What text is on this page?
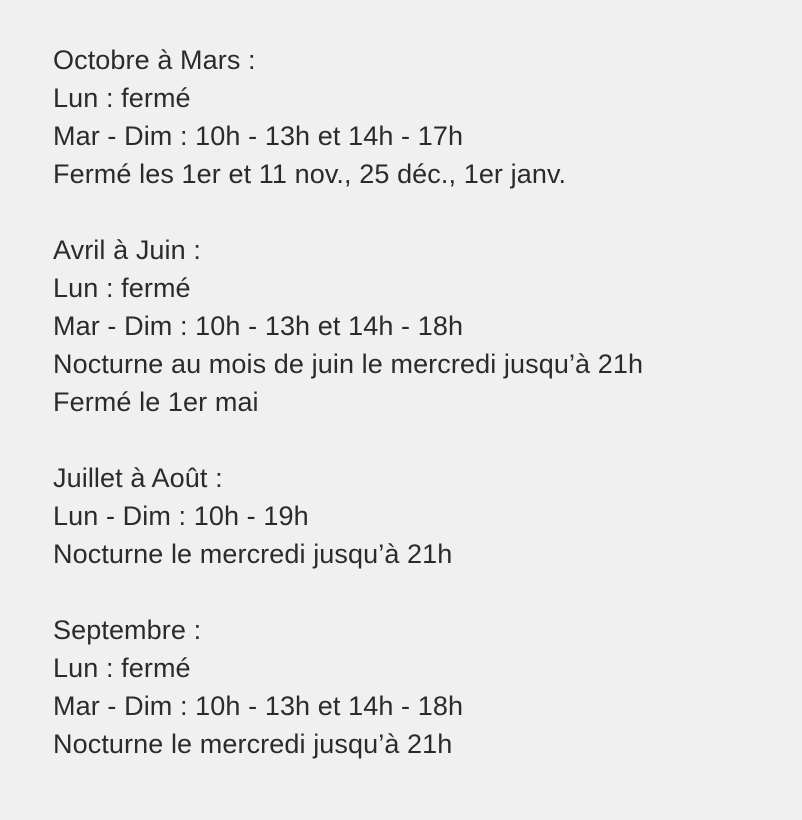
Octobre à Mars :
Lun : fermé
Mar - Dim : 10h - 13h et 14h - 17h
Fermé les 1er et 11 nov., 25 déc., 1er janv.
Avril à Juin :
Lun : fermé
Mar - Dim : 10h - 13h et 14h - 18h
Nocturne au mois de juin le mercredi jusqu’à 21h
Fermé le 1er mai
Juillet à Août :
Lun - Dim : 10h - 19h
Nocturne le mercredi jusqu’à 21h
Septembre :
Lun : fermé
Mar - Dim : 10h - 13h et 14h - 18h
Nocturne le mercredi jusqu’à 21h
